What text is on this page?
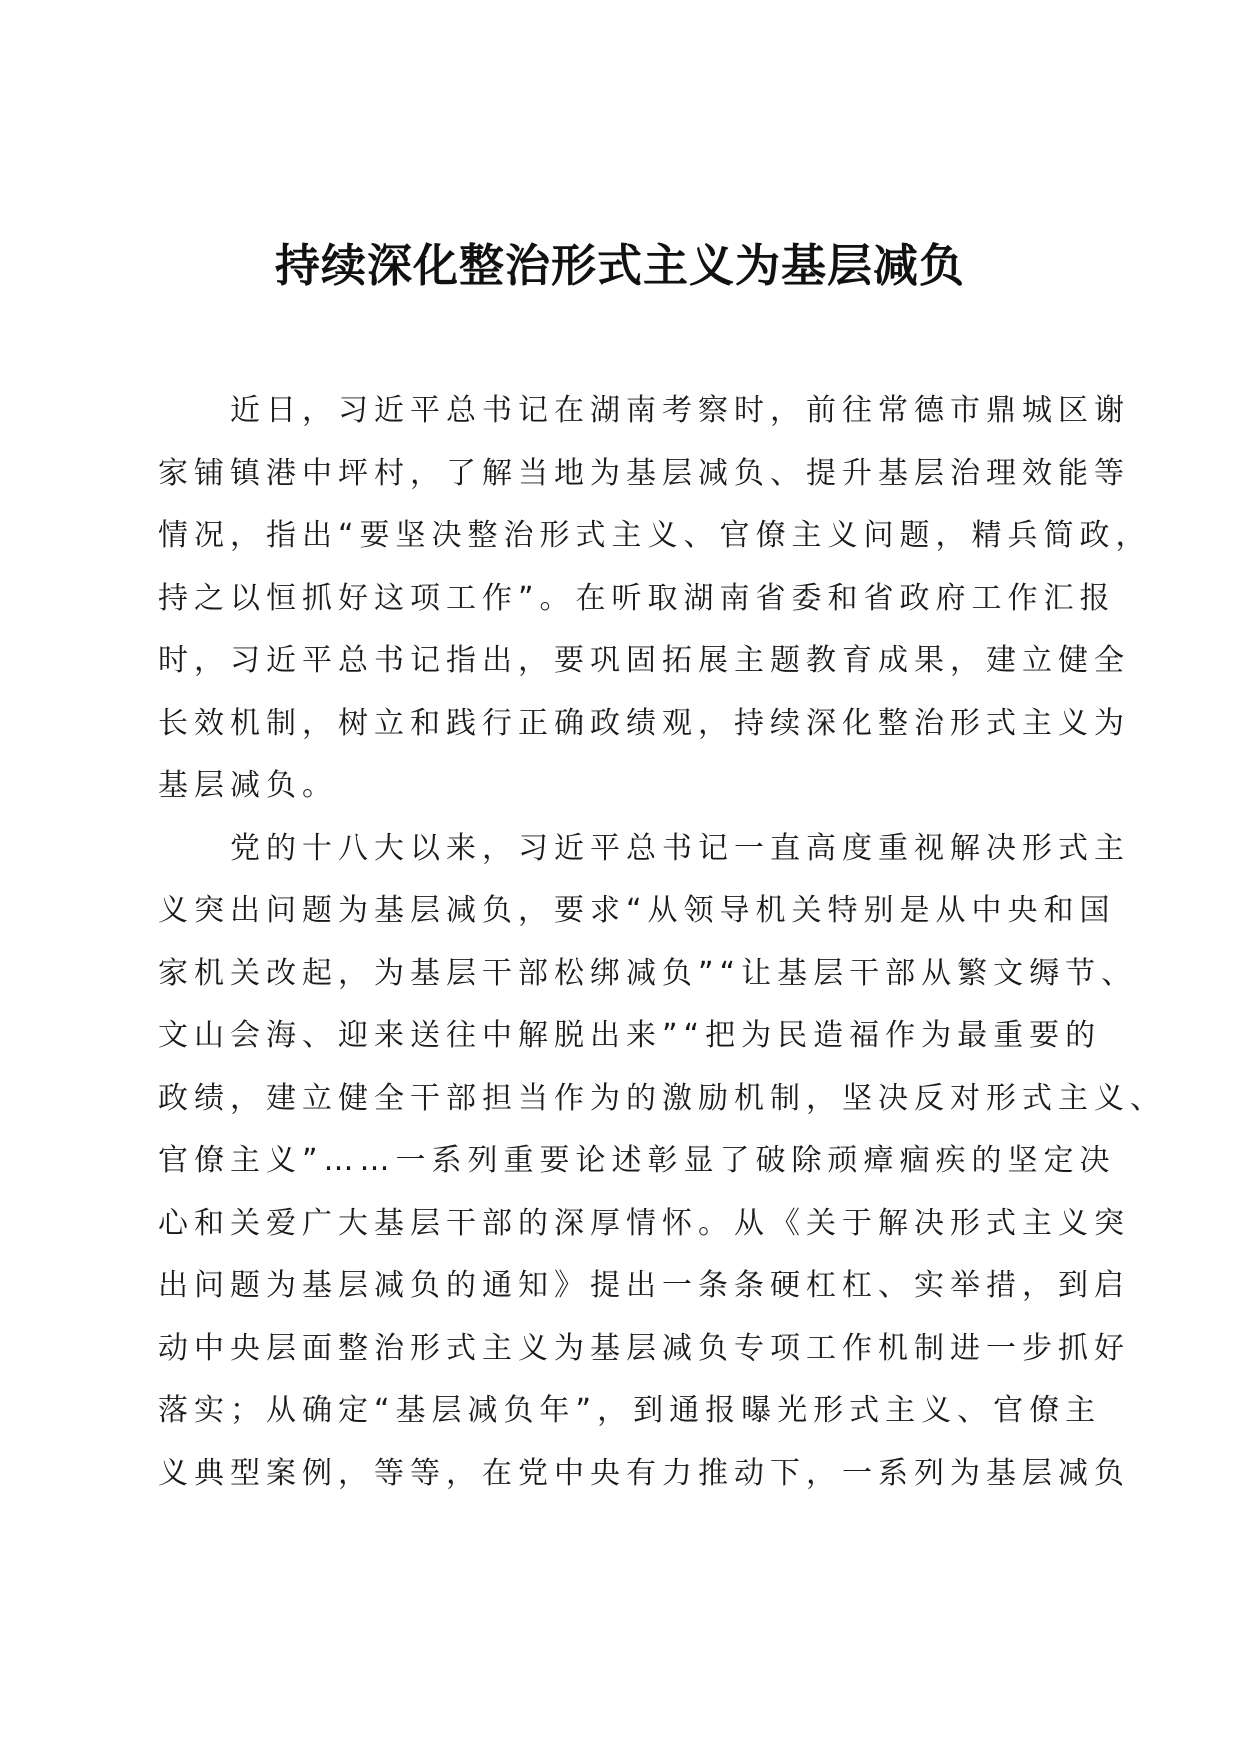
持续深化整治形式主义为基层减负
近日，习近平总书记在湖南考察时，前往常德市鼎城区谢
家铺镇港中坪村，了解当地为基层减负、提升基层治理效能等
情况，指出“要坚决整治形式主义、官僚主义问题，精兵简政，
持之以恒抓好这项工作”。在听取湖南省委和省政府工作汇报
时，习近平总书记指出，要巩固拓展主题教育成果，建立健全
长效机制，树立和践行正确政绩观，持续深化整治形式主义为
基层减负。
党的十八大以来，习近平总书记一直高度重视解决形式主
义突出问题为基层减负，要求“从领导机关特别是从中央和国
家机关改起，为基层干部松绑减负”“让基层干部从繁文缛节、
文山会海、迎来送往中解脱出来”“把为民造福作为最重要的
政绩，建立健全干部担当作为的激励机制，坚决反对形式主义、
官僚主义”……一系列重要论述彰显了破除顽瘴痼疾的坚定决
心和关爱广大基层干部的深厚情怀。从《关于解决形式主义突
出问题为基层减负的通知》提出一条条硬杠杠、实举措，到启
动中央层面整治形式主义为基层减负专项工作机制进一步抓好
落实；从确定“基层减负年”，到通报曝光形式主义、官僚主
义典型案例，等等，在党中央有力推动下，一系列为基层减负
